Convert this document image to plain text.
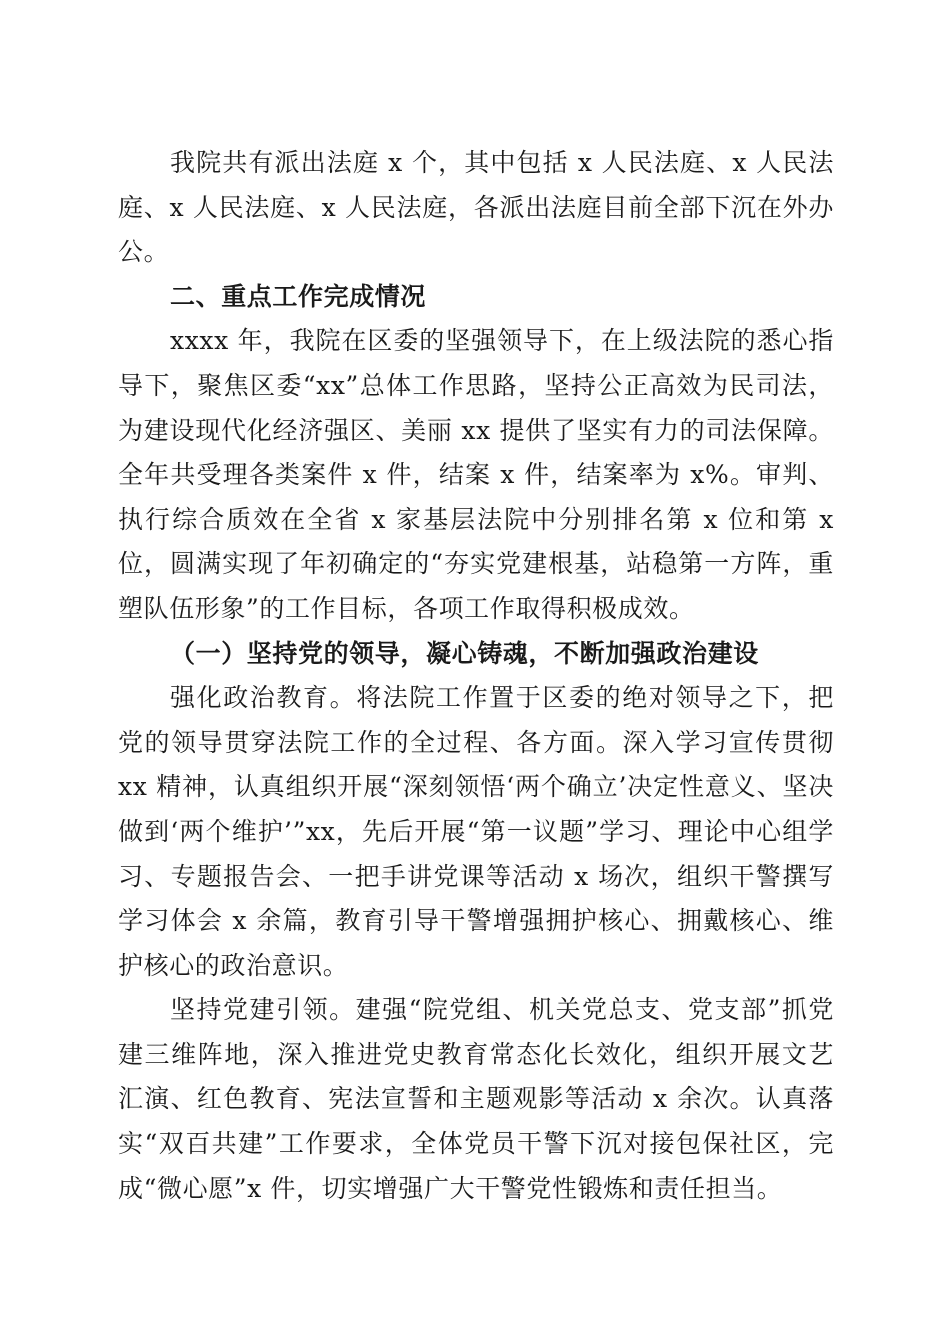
我院共有派出法庭 x 个，其中包括 x 人民法庭、x 人民法庭、x 人民法庭、x 人民法庭，各派出法庭目前全部下沉在外办公。

二、重点工作完成情况

xxxx 年，我院在区委的坚强领导下，在上级法院的悉心指导下，聚焦区委“xx”总体工作思路，坚持公正高效为民司法，为建设现代化经济强区、美丽 xx 提供了坚实有力的司法保障。全年共受理各类案件 x 件，结案 x 件，结案率为 x%。审判、执行综合质效在全省 x 家基层法院中分别排名第 x 位和第 x 位，圆满实现了年初确定的“夯实党建根基，站稳第一方阵，重塑队伍形象”的工作目标，各项工作取得积极成效。

（一）坚持党的领导，凝心铸魂，不断加强政治建设

强化政治教育。将法院工作置于区委的绝对领导之下，把党的领导贯穿法院工作的全过程、各方面。深入学习宣传贯彻 xx 精神，认真组织开展“深刻领悟‘两个确立’决定性意义、坚决做到‘两个维护’”xx，先后开展“第一议题”学习、理论中心组学习、专题报告会、一把手讲党课等活动 x 场次，组织干警撰写学习体会 x 余篇，教育引导干警增强拥护核心、拥戴核心、维护核心的政治意识。

坚持党建引领。建强“院党组、机关党总支、党支部”抓党建三维阵地，深入推进党史教育常态化长效化，组织开展文艺汇演、红色教育、宪法宣誓和主题观影等活动 x 余次。认真落实“双百共建”工作要求，全体党员干警下沉对接包保社区，完成“微心愿”x 件，切实增强广大干警党性锻炼和责任担当。
